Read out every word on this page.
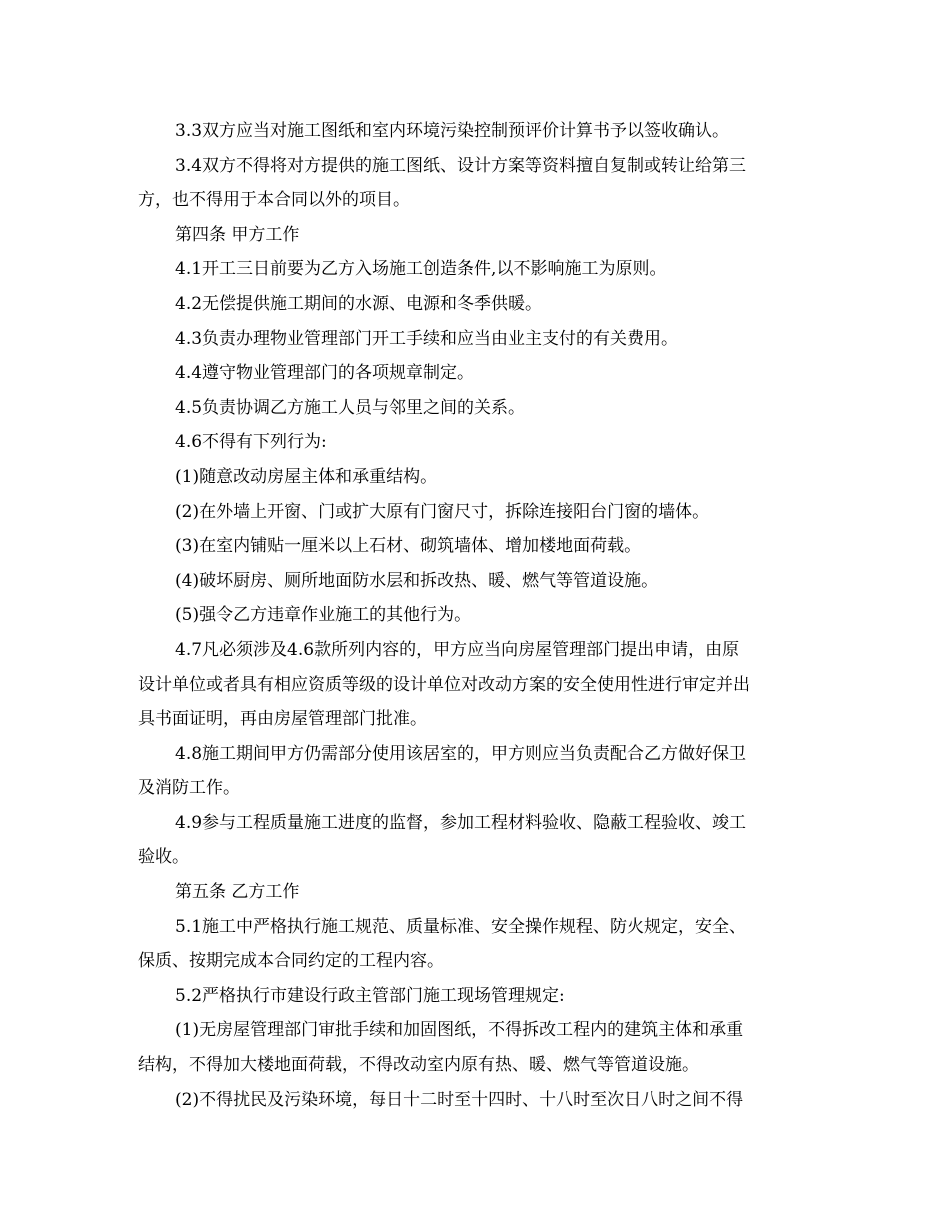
3.3双方应当对施工图纸和室内环境污染控制预评价计算书予以签收确认。
3.4双方不得将对方提供的施工图纸、设计方案等资料擅自复制或转让给第三
方，也不得用于本合同以外的项目。
第四条 甲方工作
4.1开工三日前要为乙方入场施工创造条件,以不影响施工为原则。
4.2无偿提供施工期间的水源、电源和冬季供暖。
4.3负责办理物业管理部门开工手续和应当由业主支付的有关费用。
4.4遵守物业管理部门的各项规章制定。
4.5负责协调乙方施工人员与邻里之间的关系。
4.6不得有下列行为:
(1)随意改动房屋主体和承重结构。
(2)在外墙上开窗、门或扩大原有门窗尺寸，拆除连接阳台门窗的墙体。
(3)在室内铺贴一厘米以上石材、砌筑墙体、增加楼地面荷载。
(4)破坏厨房、厕所地面防水层和拆改热、暖、燃气等管道设施。
(5)强令乙方违章作业施工的其他行为。
4.7凡必须涉及4.6款所列内容的，甲方应当向房屋管理部门提出申请，由原
设计单位或者具有相应资质等级的设计单位对改动方案的安全使用性进行审定并出
具书面证明，再由房屋管理部门批准。
4.8施工期间甲方仍需部分使用该居室的，甲方则应当负责配合乙方做好保卫
及消防工作。
4.9参与工程质量施工进度的监督，参加工程材料验收、隐蔽工程验收、竣工
验收。
第五条 乙方工作
5.1施工中严格执行施工规范、质量标准、安全操作规程、防火规定，安全、
保质、按期完成本合同约定的工程内容。
5.2严格执行市建设行政主管部门施工现场管理规定:
(1)无房屋管理部门审批手续和加固图纸，不得拆改工程内的建筑主体和承重
结构，不得加大楼地面荷载，不得改动室内原有热、暖、燃气等管道设施。
(2)不得扰民及污染环境，每日十二时至十四时、十八时至次日八时之间不得
